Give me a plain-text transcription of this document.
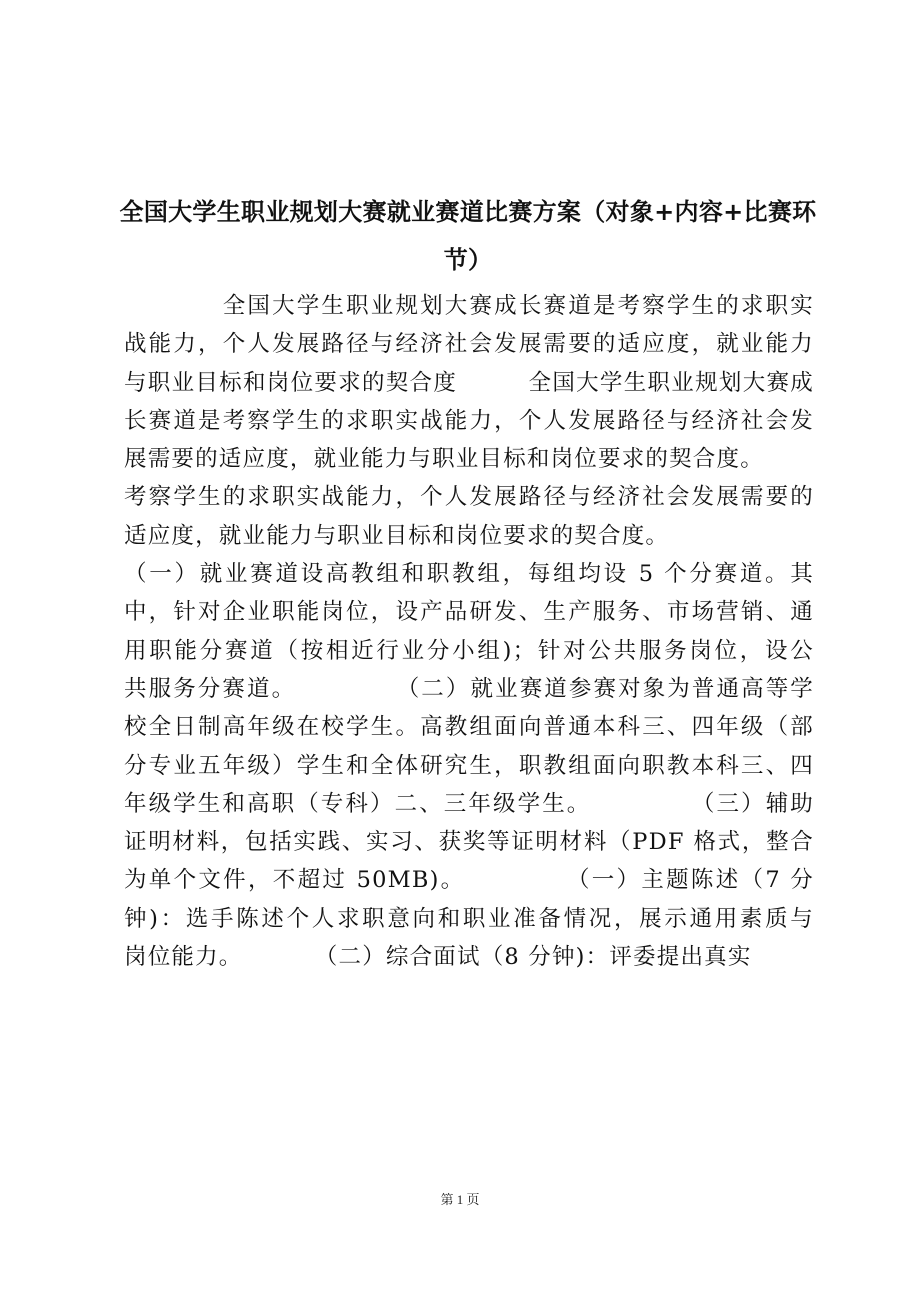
全国大学生职业规划大赛就业赛道比赛方案（对象+内容+比赛环节）
　　　　全国大学生职业规划大赛成长赛道是考察学生的求职实
战能力，个人发展路径与经济社会发展需要的适应度，就业能力
与职业目标和岗位要求的契合度　　　全国大学生职业规划大赛成
长赛道是考察学生的求职实战能力，个人发展路径与经济社会发
展需要的适应度，就业能力与职业目标和岗位要求的契合度。
考察学生的求职实战能力，个人发展路径与经济社会发展需要的
适应度，就业能力与职业目标和岗位要求的契合度。
（一）就业赛道设高教组和职教组，每组均设 5 个分赛道。其
中，针对企业职能岗位，设产品研发、生产服务、市场营销、通
用职能分赛道（按相近行业分小组)；针对公共服务岗位，设公
共服务分赛道。　　　　　（二）就业赛道参赛对象为普通高等学
校全日制高年级在校学生。高教组面向普通本科三、四年级（部
分专业五年级）学生和全体研究生，职教组面向职教本科三、四
年级学生和高职（专科）二、三年级学生。　　　　　（三）辅助
证明材料，包括实践、实习、获奖等证明材料（PDF 格式，整合
为单个文件，不超过 50MB)。　　　　　（一）主题陈述（7 分
钟)：选手陈述个人求职意向和职业准备情况，展示通用素质与
岗位能力。　　　　（二）综合面试（8 分钟)：评委提出真实
第 1 页
